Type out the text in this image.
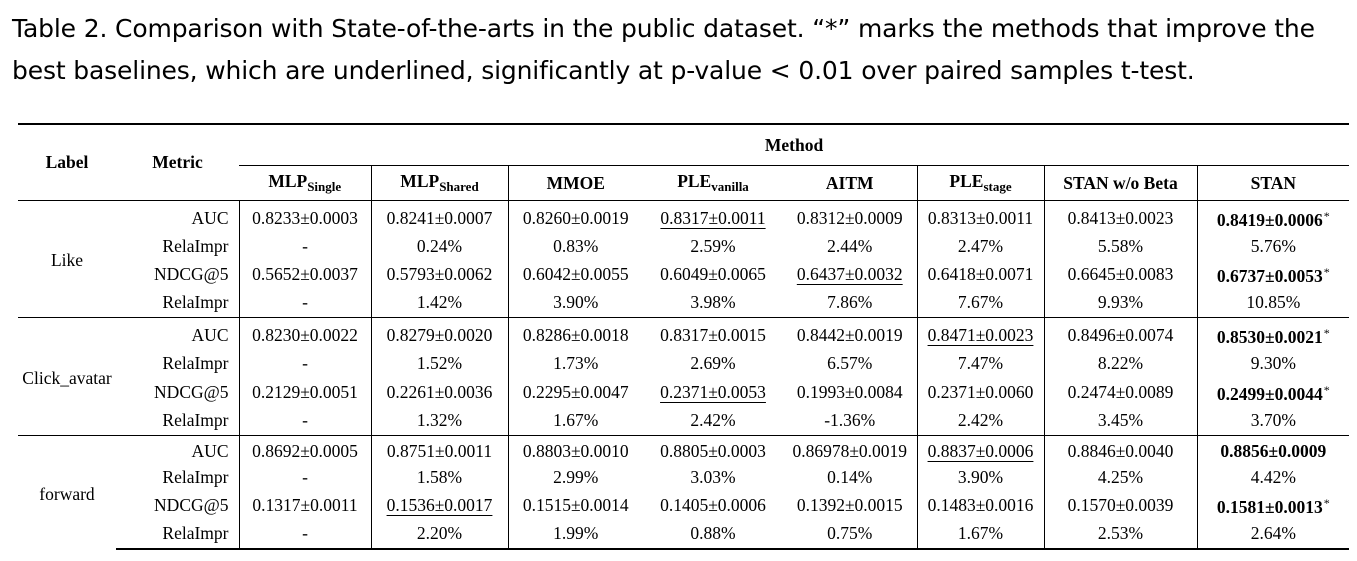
Table 2. Comparison with State-of-the-arts in the public dataset. “*” marks the methods that improve the best baselines, which are underlined, significantly at p-value < 0.01 over paired samples t-test.
Label	Metric	Method							
		$MLP_{Single}$	$MLP_{Shared}$	MMOE	$PLE_{vanilla}$	AITM	$PLE_{stage}$	STAN w/o Beta	STAN
Like	AUC	0.8233±0.0003	0.8241±0.0007	0.8260±0.0019	0.8317±0.0011	0.8312±0.0009	0.8313±0.0011	0.8413±0.0023	0.8419±0.0006*
	RelaImpr	-	0.24%	0.83%	2.59%	2.44%	2.47%	5.58%	5.76%
	NDCG@5	0.5652±0.0037	0.5793±0.0062	0.6042±0.0055	0.6049±0.0065	0.6437±0.0032	0.6418±0.0071	0.6645±0.0083	0.6737±0.0053*
	RelaImpr	-	1.42%	3.90%	3.98%	7.86%	7.67%	9.93%	10.85%
Click_avatar	AUC	0.8230±0.0022	0.8279±0.0020	0.8286±0.0018	0.8317±0.0015	0.8442±0.0019	0.8471±0.0023	0.8496±0.0074	0.8530±0.0021*
	RelaImpr	-	1.52%	1.73%	2.69%	6.57%	7.47%	8.22%	9.30%
	NDCG@5	0.2129±0.0051	0.2261±0.0036	0.2295±0.0047	0.2371±0.0053	0.1993±0.0084	0.2371±0.0060	0.2474±0.0089	0.2499±0.0044*
	RelaImpr	-	1.32%	1.67%	2.42%	-1.36%	2.42%	3.45%	3.70%
forward	AUC	0.8692±0.0005	0.8751±0.0011	0.8803±0.0010	0.8805±0.0003	0.86978±0.0019	0.8837±0.0006	0.8846±0.0040	0.8856±0.0009
	RelaImpr	-	1.58%	2.99%	3.03%	0.14%	3.90%	4.25%	4.42%
	NDCG@5	0.1317±0.0011	0.1536±0.0017	0.1515±0.0014	0.1405±0.0006	0.1392±0.0015	0.1483±0.0016	0.1570±0.0039	0.1581±0.0013*
	RelaImpr	-	2.20%	1.99%	0.88%	0.75%	1.67%	2.53%	2.64%
